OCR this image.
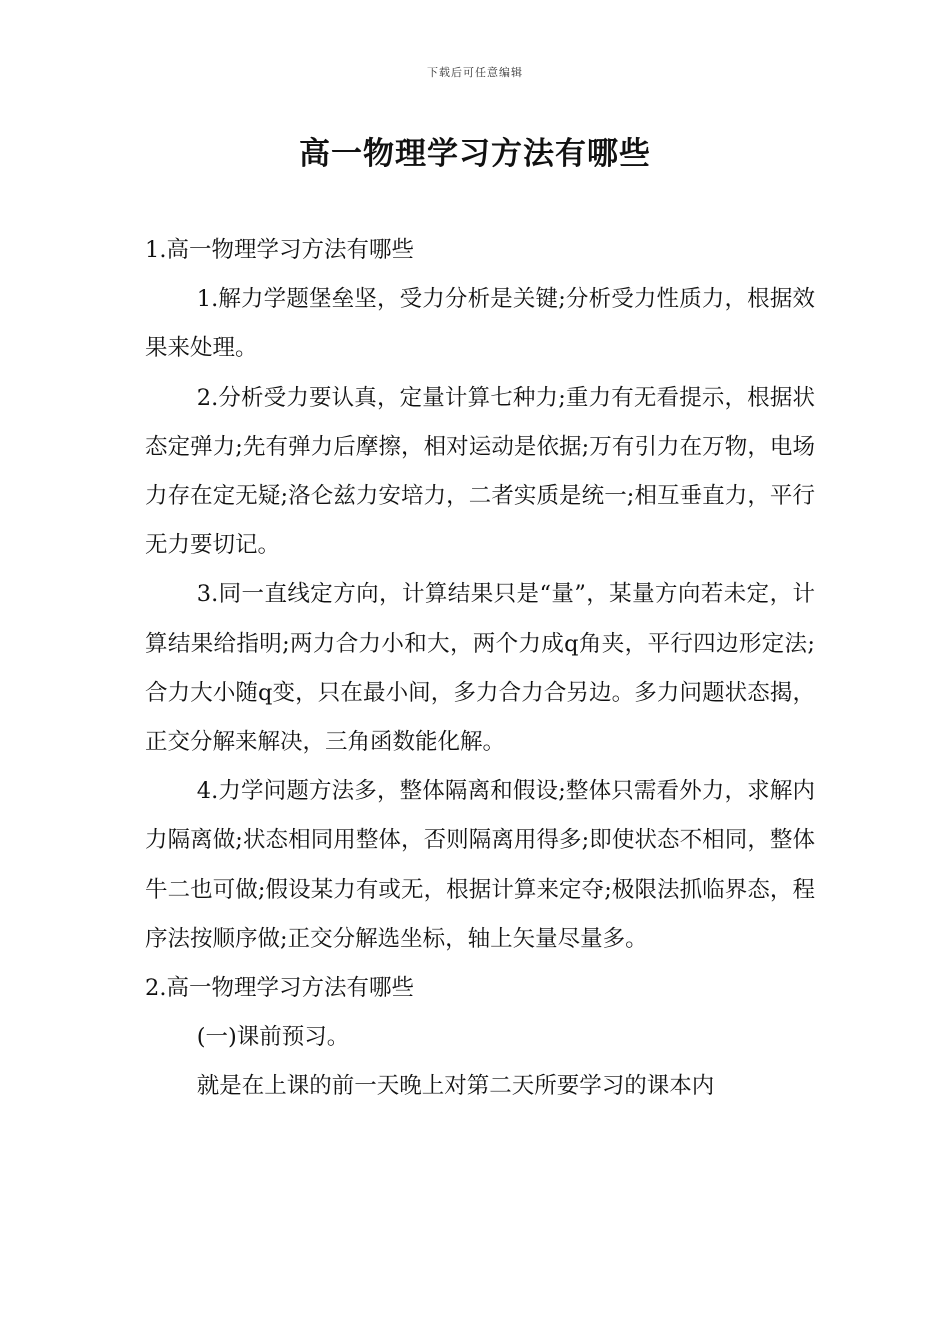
下载后可任意编辑
高一物理学习方法有哪些

1.高一物理学习方法有哪些

1.解力学题堡垒坚，受力分析是关键;分析受力性质力，根据效果来处理。

2.分析受力要认真，定量计算七种力;重力有无看提示，根据状态定弹力;先有弹力后摩擦，相对运动是依据;万有引力在万物，电场力存在定无疑;洛仑兹力安培力，二者实质是统一;相互垂直力，平行无力要切记。

3.同一直线定方向，计算结果只是“量”，某量方向若未定，计算结果给指明;两力合力小和大，两个力成q角夹，平行四边形定法;合力大小随q变，只在最小间，多力合力合另边。多力问题状态揭，正交分解来解决，三角函数能化解。

4.力学问题方法多，整体隔离和假设;整体只需看外力，求解内力隔离做;状态相同用整体，否则隔离用得多;即使状态不相同，整体牛二也可做;假设某力有或无，根据计算来定夺;极限法抓临界态，程序法按顺序做;正交分解选坐标，轴上矢量尽量多。

2.高一物理学习方法有哪些

(一)课前预习。

就是在上课的前一天晚上对第二天所要学习的课本内
